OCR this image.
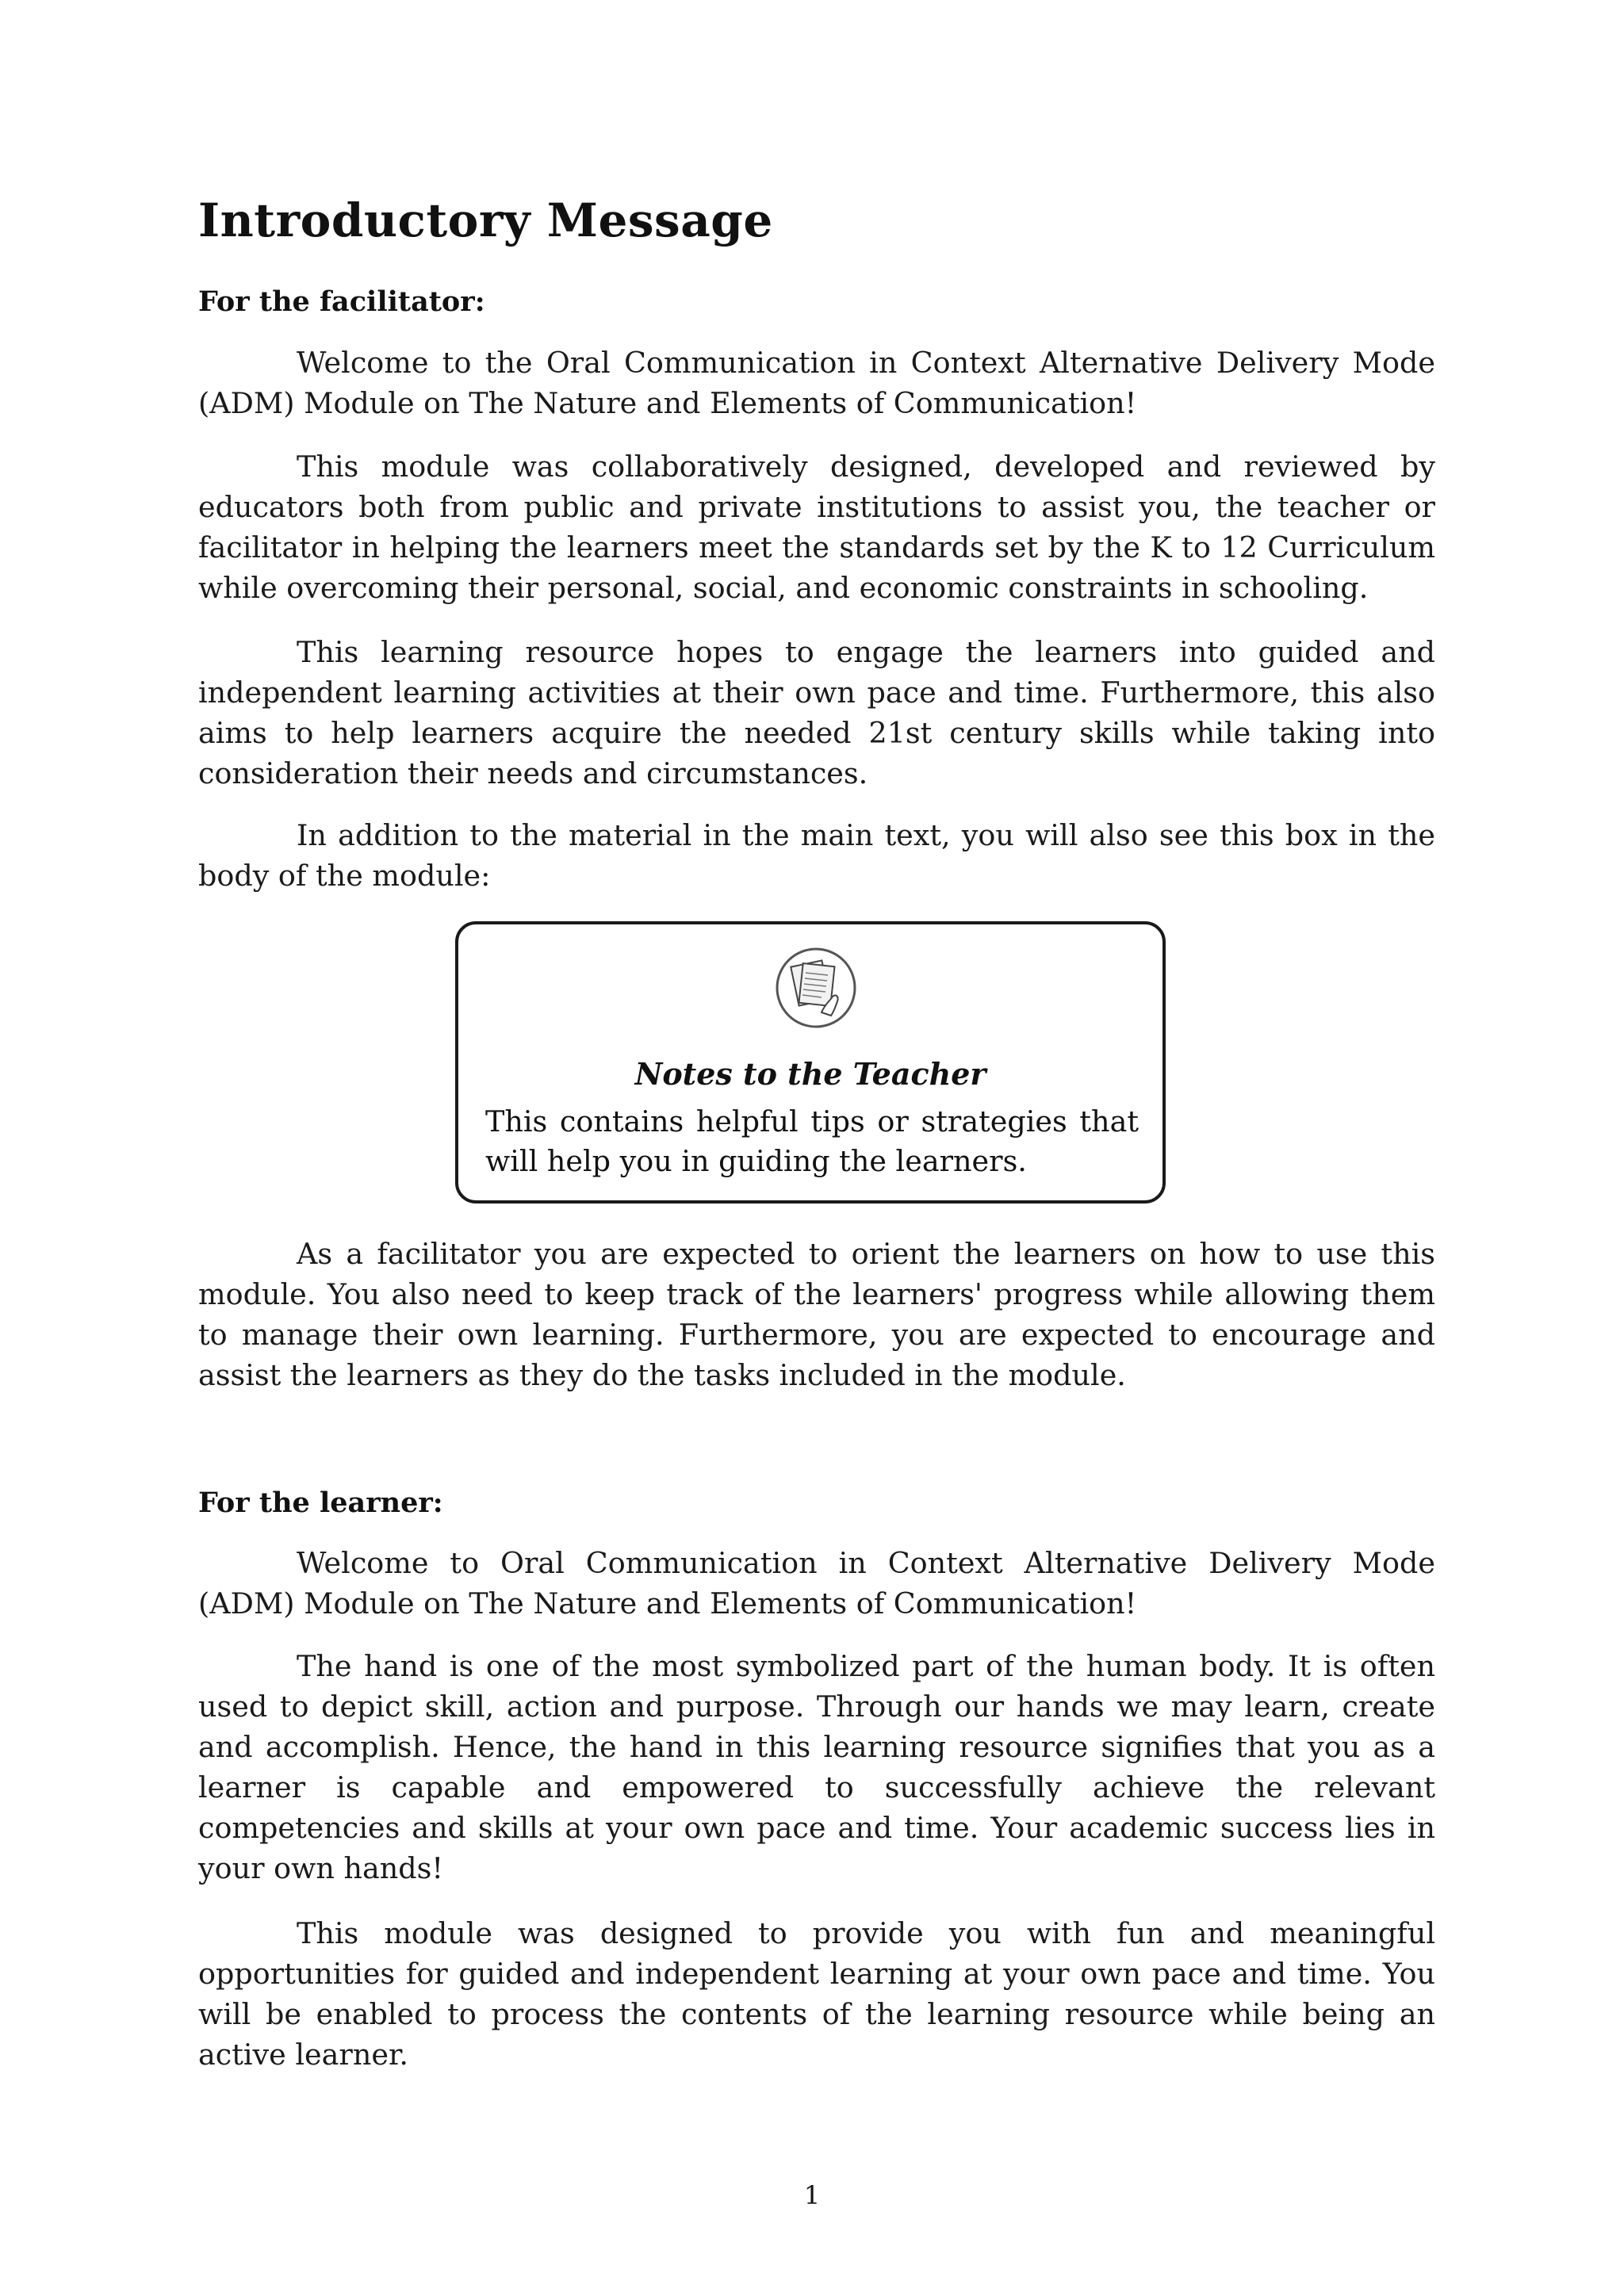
Introductory Message

For the facilitator:

Welcome to the Oral Communication in Context Alternative Delivery Mode (ADM) Module on The Nature and Elements of Communication!

This module was collaboratively designed, developed and reviewed by educators both from public and private institutions to assist you, the teacher or facilitator in helping the learners meet the standards set by the K to 12 Curriculum while overcoming their personal, social, and economic constraints in schooling.

This learning resource hopes to engage the learners into guided and independent learning activities at their own pace and time. Furthermore, this also aims to help learners acquire the needed 21st century skills while taking into consideration their needs and circumstances.

In addition to the material in the main text, you will also see this box in the body of the module:

As a facilitator you are expected to orient the learners on how to use this module. You also need to keep track of the learners' progress while allowing them to manage their own learning. Furthermore, you are expected to encourage and assist the learners as they do the tasks included in the module.

For the learner:

Welcome to Oral Communication in Context Alternative Delivery Mode (ADM) Module on The Nature and Elements of Communication!

The hand is one of the most symbolized part of the human body. It is often used to depict skill, action and purpose. Through our hands we may learn, create and accomplish. Hence, the hand in this learning resource signifies that you as a learner is capable and empowered to successfully achieve the relevant competencies and skills at your own pace and time. Your academic success lies in your own hands!

This module was designed to provide you with fun and meaningful opportunities for guided and independent learning at your own pace and time. You will be enabled to process the contents of the learning resource while being an active learner.

Notes to the Teacher

This contains helpful tips or strategies that will help you in guiding the learners.

1
